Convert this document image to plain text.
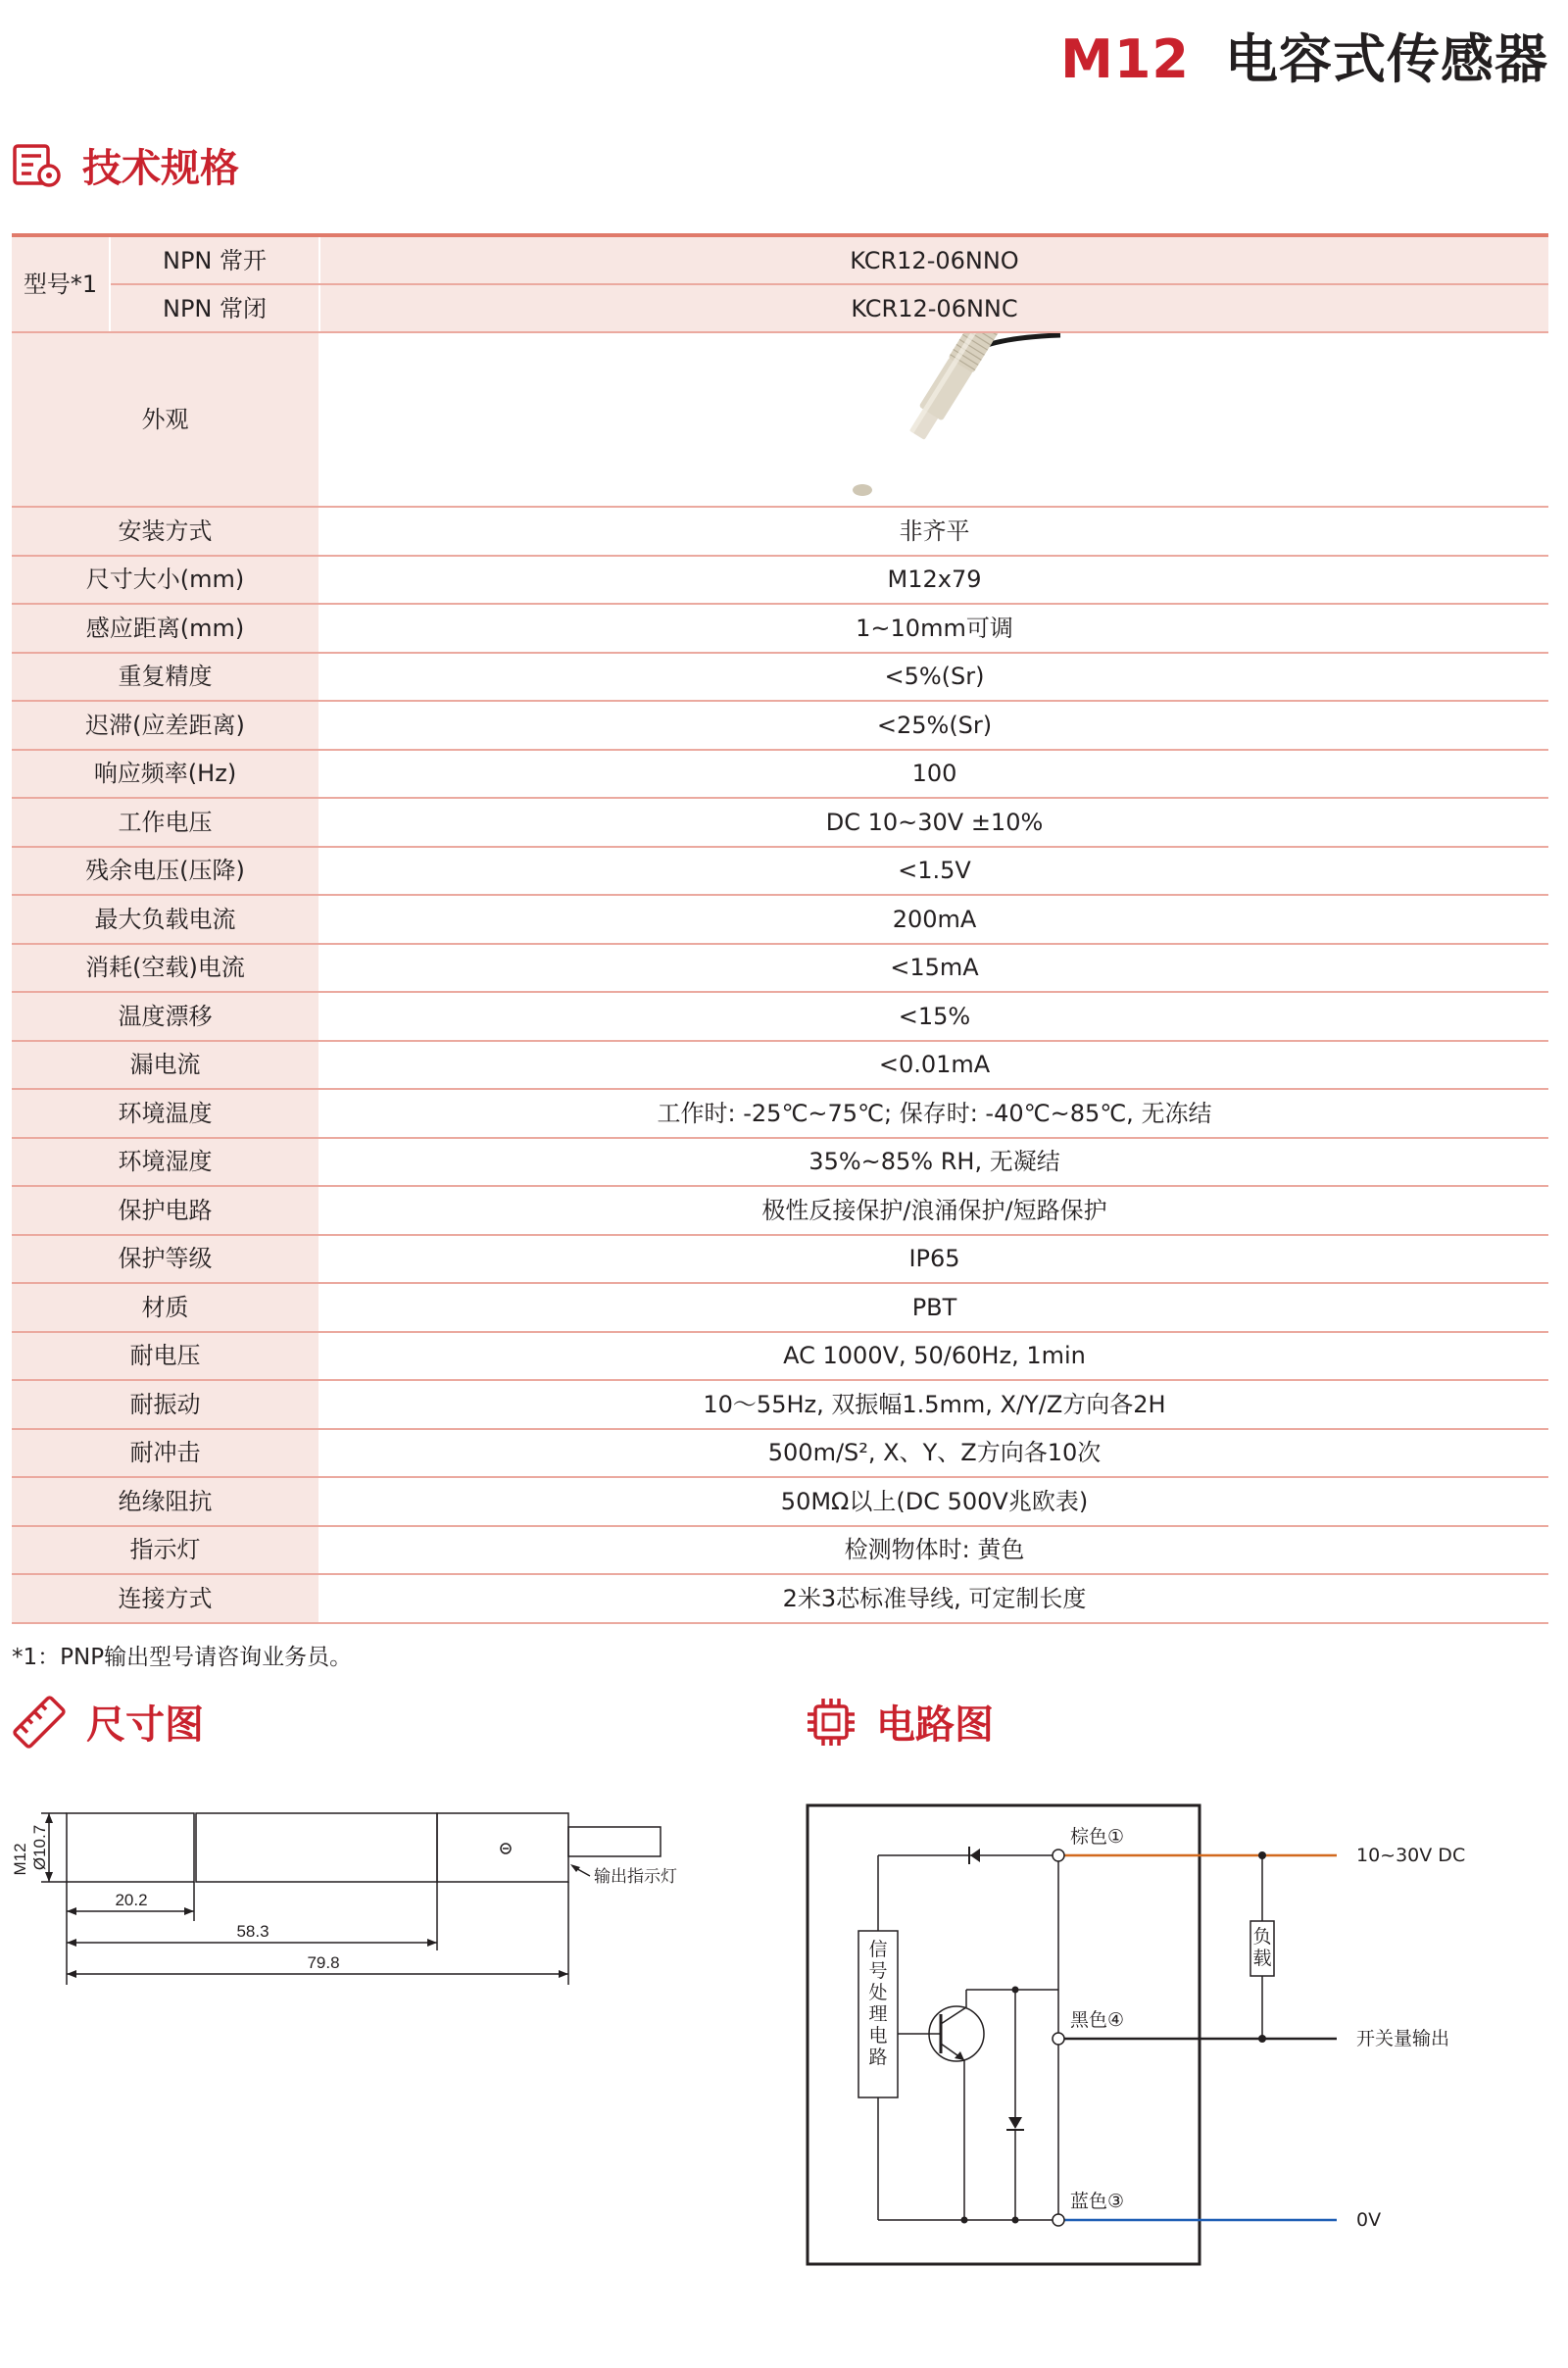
M12 电容式传感器
技术规格
型号*1	NPN 常开	KCR12-06NNO
	NPN 常闭	KCR12-06NNC
外观	
安装方式		非齐平
尺寸大小(mm)		M12x79
感应距离(mm)		1~10mm可调
重复精度		<5%(Sr)
迟滞(应差距离)		<25%(Sr)
响应频率(Hz)		100
工作电压		DC 10~30V ±10%
残余电压(压降)		<1.5V
最大负载电流		200mA
消耗(空载)电流		<15mA
温度漂移		<15%
漏电流		<0.01mA
环境温度		工作时: -25℃~75℃; 保存时: -40℃~85℃, 无冻结
环境湿度		35%~85% RH, 无凝结
保护电路		极性反接保护/浪涌保护/短路保护
保护等级		IP65
材质		PBT
耐电压		AC 1000V, 50/60Hz, 1min
耐振动		10～55Hz, 双振幅1.5mm, X/Y/Z方向各2H
耐冲击		500m/S², X、Y、Z方向各10次
绝缘阻抗		50MΩ以上(DC 500V兆欧表)
指示灯		检测物体时: 黄色
连接方式		2米3芯标准导线, 可定制长度
*1：PNP输出型号请咨询业务员。
尺寸图	电路图
M12 Ø10.7
20.2
58.3
79.8
输出指示灯
信号处理电路
负载
棕色①
黑色④
蓝色③
10~30V DC
开关量输出
0V
